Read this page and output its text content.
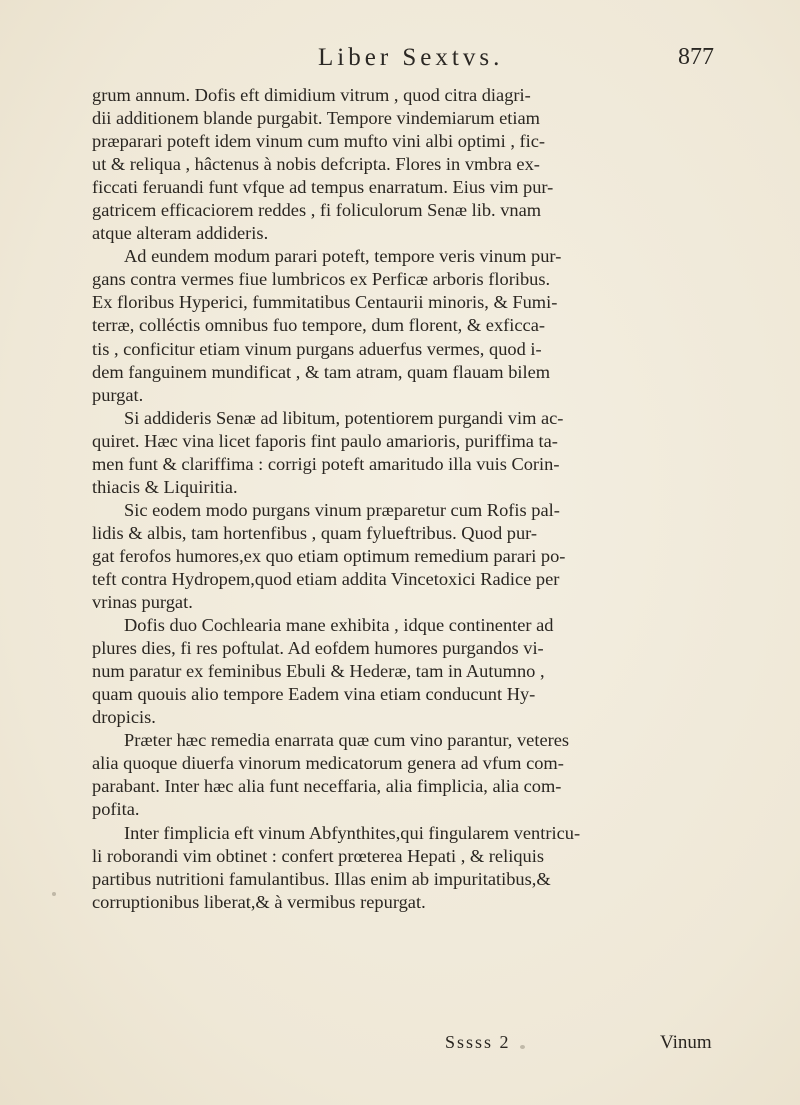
Liber Sextvs.	877
grum annum. Dofis eft dimidium vitrum , quod citra diagri-
dii additionem blande purgabit. Tempore vindemiarum etiam
præparari poteft idem vinum cum mufto vini albi optimi , fic-
ut & reliqua , hâctenus à nobis defcripta. Flores in vmbra ex-
ficcati feruandi funt vfque ad tempus enarratum. Eius vim pur-
gatricem efficaciorem reddes , fi foliculorum Senæ lib. vnam
atque alteram addideris.
Ad eundem modum parari poteft, tempore veris vinum pur-
gans contra vermes fiue lumbricos ex Perficæ arboris floribus.
Ex floribus Hyperici, fummitatibus Centaurii minoris, & Fumi-
terræ, colléctis omnibus fuo tempore, dum florent, & exficca-
tis , conficitur etiam vinum purgans aduerfus vermes, quod i-
dem fanguinem mundificat , & tam atram, quam flauam bilem
purgat.
Si addideris Senæ ad libitum, potentiorem purgandi vim ac-
quiret. Hæc vina licet faporis fint paulo amarioris, puriffima ta-
men funt & clariffima : corrigi poteft amaritudo illa vuis Corin-
thiacis & Liquiritia.
Sic eodem modo purgans vinum præparetur cum Rofis pal-
lidis & albis, tam hortenfibus , quam fylueftribus. Quod pur-
gat ferofos humores,ex quo etiam optimum remedium parari po-
teft contra Hydropem,quod etiam addita Vincetoxici Radice per
vrinas purgat.
Dofis duo Cochlearia mane exhibita , idque continenter ad
plures dies, fi res poftulat. Ad eofdem humores purgandos vi-
num paratur ex feminibus Ebuli & Hederæ, tam in Autumno ,
quam quouis alio tempore Eadem vina etiam conducunt Hy-
dropicis.
Præter hæc remedia enarrata quæ cum vino parantur, veteres
alia quoque diuerfa vinorum medicatorum genera ad vfum com-
parabant. Inter hæc alia funt neceffaria, alia fimplicia, alia com-
pofita.
Inter fimplicia eft vinum Abfynthites,qui fingularem ventricu-
li roborandi vim obtinet : confert prœterea Hepati , & reliquis
partibus nutritioni famulantibus. Illas enim ab impuritatibus,&
corruptionibus liberat,& à vermibus repurgat.
Sssss 2	Vinum
